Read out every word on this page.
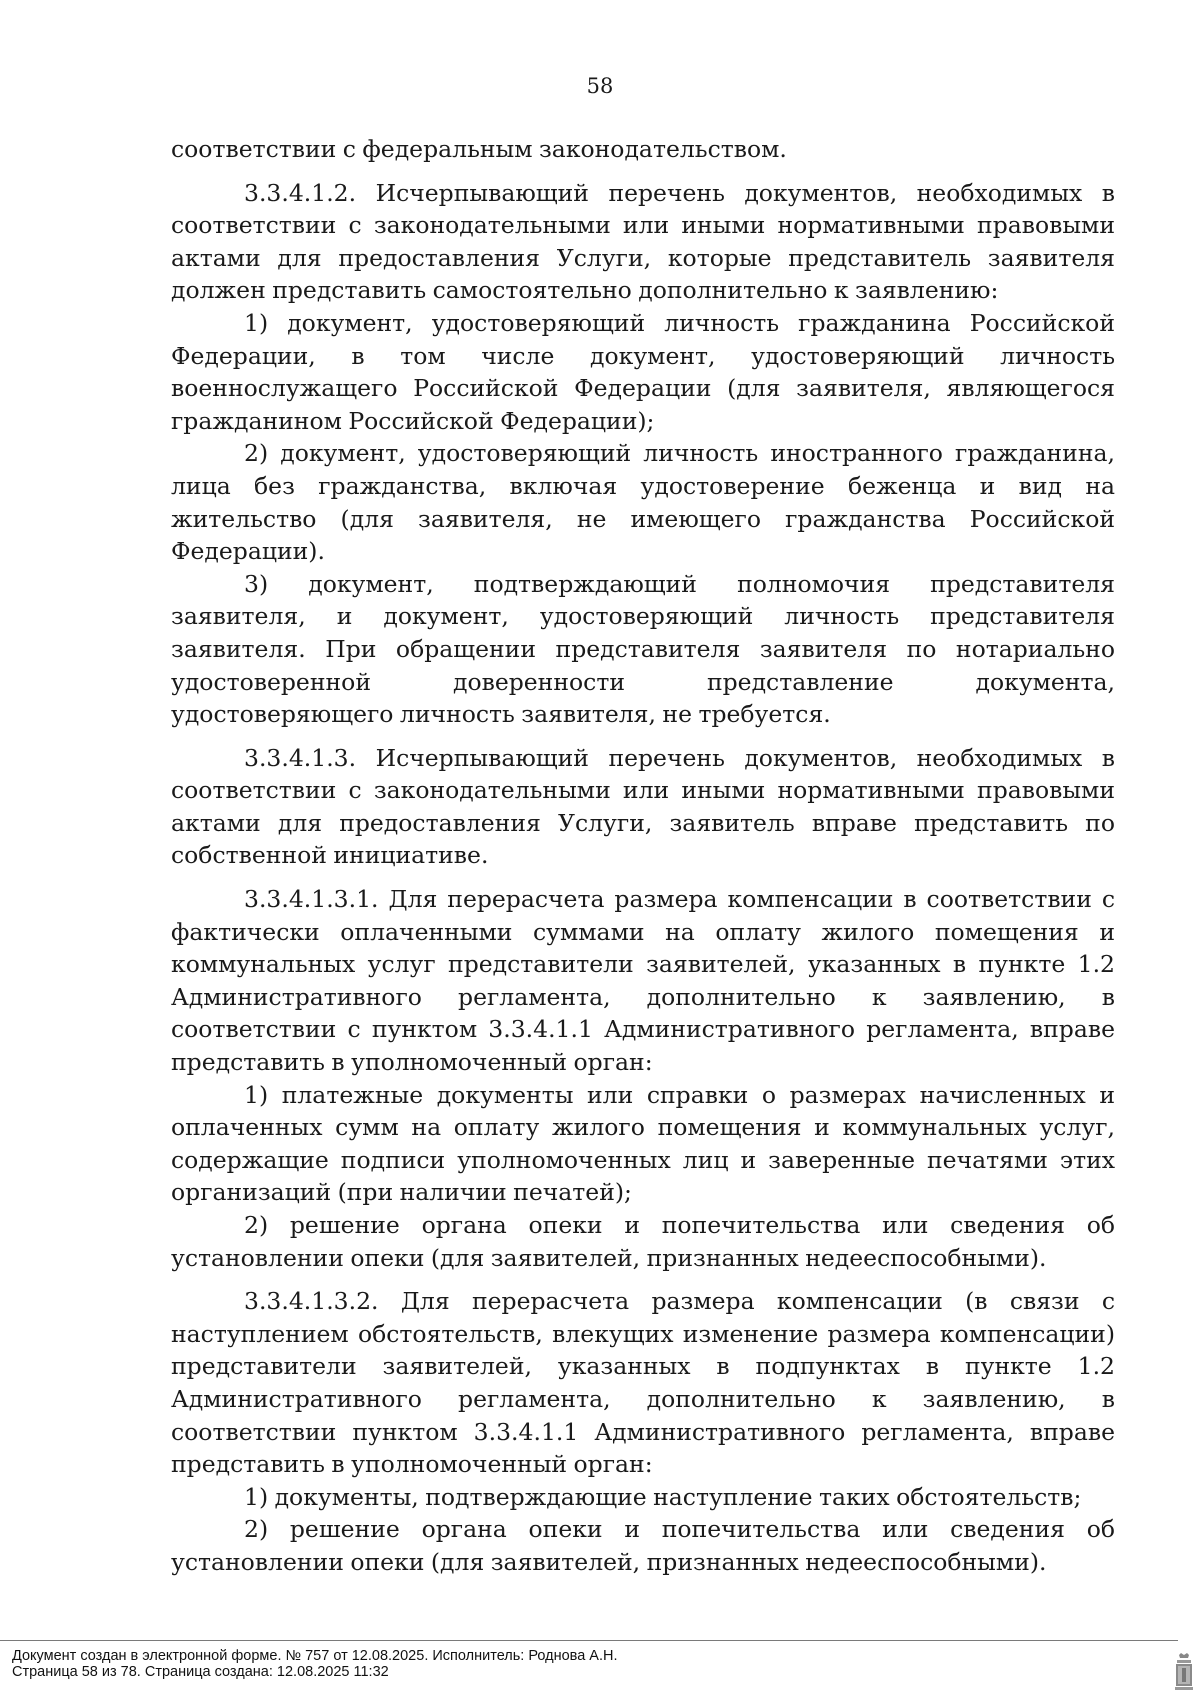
58

соответствии с федеральным законодательством.

3.3.4.1.2. Исчерпывающий перечень документов, необходимых в соответствии с законодательными или иными нормативными правовыми актами для предоставления Услуги, которые представитель заявителя должен представить самостоятельно дополнительно к заявлению:

1) документ, удостоверяющий личность гражданина Российской Федерации, в том числе документ, удостоверяющий личность военнослужащего Российской Федерации (для заявителя, являющегося гражданином Российской Федерации);

2) документ, удостоверяющий личность иностранного гражданина, лица без гражданства, включая удостоверение беженца и вид на жительство (для заявителя, не имеющего гражданства Российской Федерации).

3) документ, подтверждающий полномочия представителя заявителя, и документ, удостоверяющий личность представителя заявителя. При обращении представителя заявителя по нотариально удостоверенной доверенности представление документа, удостоверяющего личность заявителя, не требуется.

3.3.4.1.3. Исчерпывающий перечень документов, необходимых в соответствии с законодательными или иными нормативными правовыми актами для предоставления Услуги, заявитель вправе представить по собственной инициативе.

3.3.4.1.3.1. Для перерасчета размера компенсации в соответствии с фактически оплаченными суммами на оплату жилого помещения и коммунальных услуг представители заявителей, указанных в пункте 1.2 Административного регламента, дополнительно к заявлению, в соответствии с пунктом 3.3.4.1.1 Административного регламента, вправе представить в уполномоченный орган:

1) платежные документы или справки о размерах начисленных и оплаченных сумм на оплату жилого помещения и коммунальных услуг, содержащие подписи уполномоченных лиц и заверенные печатями этих организаций (при наличии печатей);

2) решение органа опеки и попечительства или сведения об установлении опеки (для заявителей, признанных недееспособными).

3.3.4.1.3.2. Для перерасчета размера компенсации (в связи с наступлением обстоятельств, влекущих изменение размера компенсации) представители заявителей, указанных в подпунктах в пункте 1.2 Административного регламента, дополнительно к заявлению, в соответствии пунктом 3.3.4.1.1 Административного регламента, вправе представить в уполномоченный орган:

1) документы, подтверждающие наступление таких обстоятельств;

2) решение органа опеки и попечительства или сведения об установлении опеки (для заявителей, признанных недееспособными).

Документ создан в электронной форме. № 757 от 12.08.2025. Исполнитель: Роднова А.Н.
Страница 58 из 78. Страница создана: 12.08.2025 11:32
